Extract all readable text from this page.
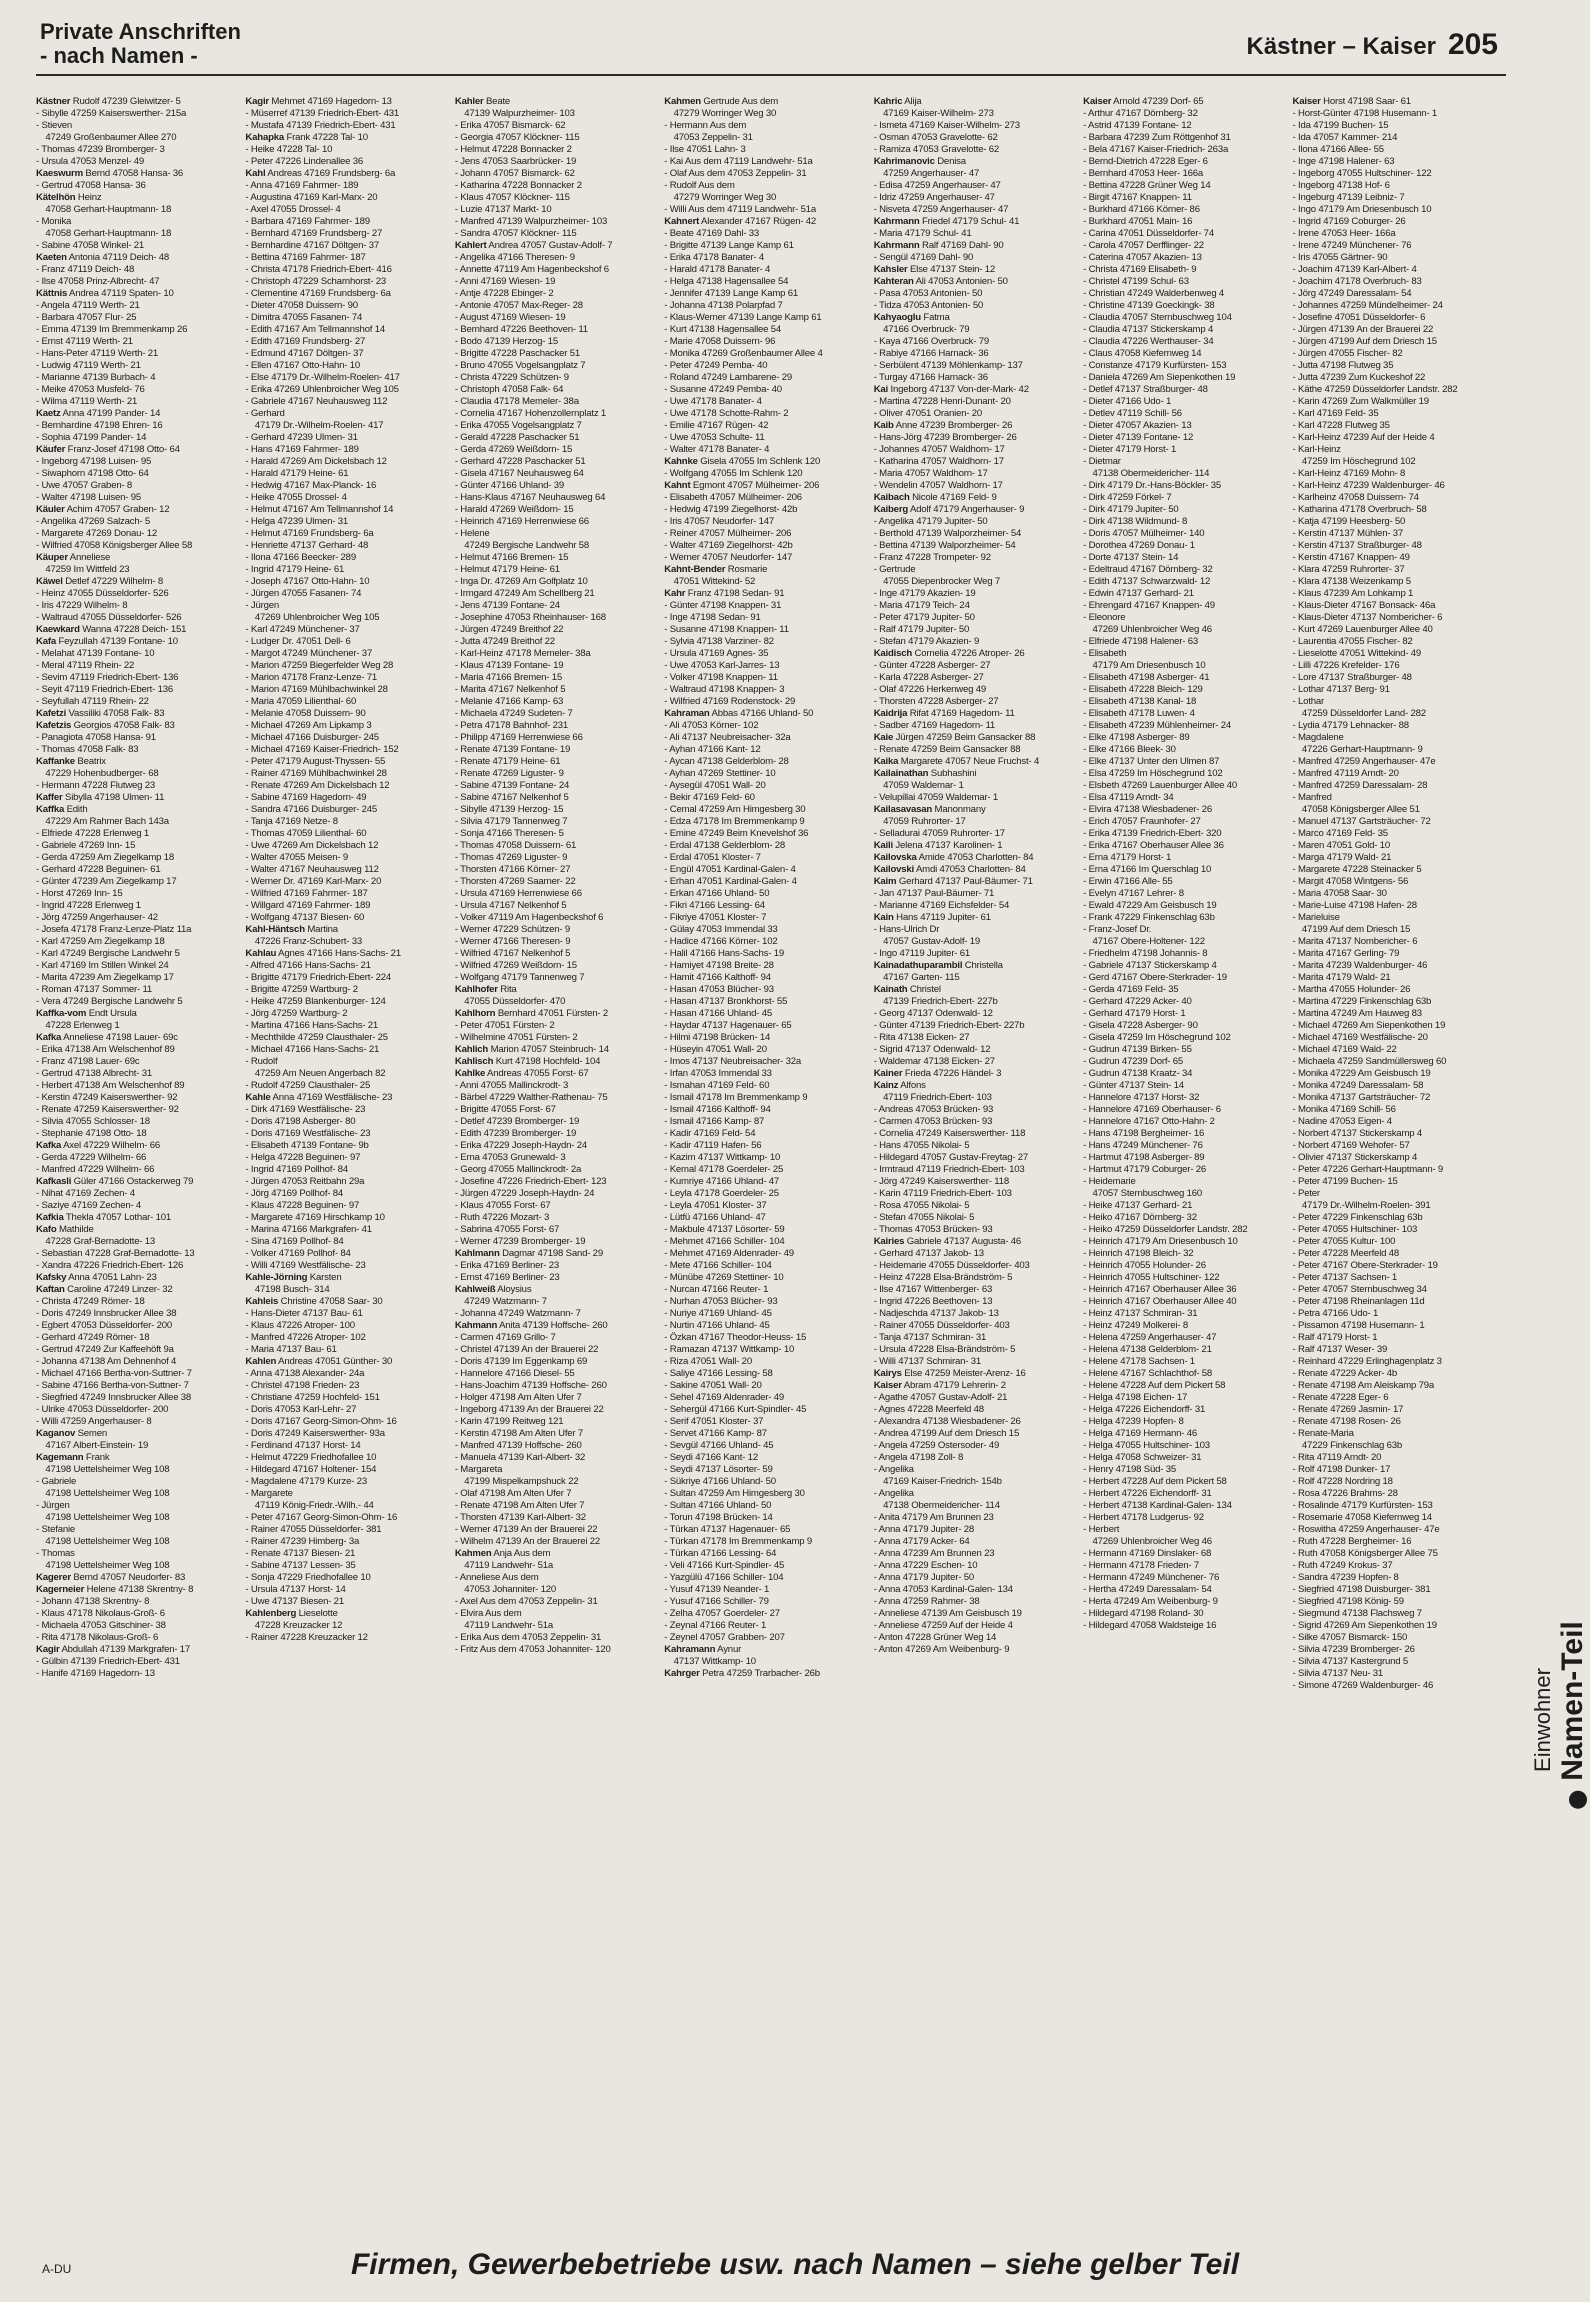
Private Anschriften
- nach Namen -	Kästner – Kaiser 205
Kästner Rudolf 47239 Gleiwitzer- 5
- Sibylle 47259 Kaiserswerther- 215a
- Stieven
 47249 Großenbaumer Allee 270
- Thomas 47239 Bromberger- 3
- Ursula 47053 Menzel- 49
Kaeswurm Bernd 47058 Hansa- 36
- Gertrud 47058 Hansa- 36
Kätelhön Heinz
 47058 Gerhart-Hauptmann- 18
- Monika
 47058 Gerhart-Hauptmann- 18
- Sabine 47058 Winkel- 21
Kaeten Antonia 47119 Deich- 48
- Franz 47119 Deich- 48
- Ilse 47058 Prinz-Albrecht- 47
Kättnis Andrea 47119 Spaten- 10
- Angela 47119 Werth- 21
- Barbara 47057 Flur- 25
- Emma 47139 Im Bremmenkamp 26
- Ernst 47119 Werth- 21
- Hans-Peter 47119 Werth- 21
- Ludwig 47119 Werth- 21
- Marianne 47139 Burbach- 4
- Meike 47053 Musfeld- 76
- Wilma 47119 Werth- 21
Kaetz Anna 47199 Pander- 14
- Bernhardine 47198 Ehren- 16
- Sophia 47199 Pander- 14
Käufer Franz-Josef 47198 Otto- 64
- Ingeborg 47198 Luisen- 95
- Siwaphorn 47198 Otto- 64
- Uwe 47057 Graben- 8
- Walter 47198 Luisen- 95
Käuler Achim 47057 Graben- 12
- Angelika 47269 Salzach- 5
- Margarete 47269 Donau- 12
- Wilfried 47058 Königsberger Allee 58
Käuper Anneliese
 47259 Im Wittfeld 23
Käwel Detlef 47229 Wilhelm- 8
- Heinz 47055 Düsseldorfer- 526
- Iris 47229 Wilhelm- 8
- Waltraud 47055 Düsseldorfer- 526
Kaewkard Wanna 47228 Deich- 151
Kafa Feyzullah 47139 Fontane- 10
- Melahat 47139 Fontane- 10
- Meral 47119 Rhein- 22
- Sevim 47119 Friedrich-Ebert- 136
- Seyit 47119 Friedrich-Ebert- 136
- Seyfullah 47119 Rhein- 22
Kafetzi Vassiliki 47058 Falk- 83
Kafetzis Georgios 47058 Falk- 83
- Panagiota 47058 Hansa- 91
- Thomas 47058 Falk- 83
Kaffanke Beatrix
 47229 Hohenbudberger- 68
- Hermann 47228 Flutweg 23
Kaffer Sibylla 47198 Ulmen- 11
Kaffka Edith
 47229 Am Rahmer Bach 143a
- Elfriede 47228 Erlenweg 1
- Gabriele 47269 Inn- 15
- Gerda 47259 Am Ziegelkamp 18
- Gerhard 47228 Beguinen- 61
- Günter 47239 Am Ziegelkamp 17
- Horst 47269 Inn- 15
- Ingrid 47228 Erlenweg 1
- Jörg 47259 Angerhauser- 42
- Josefa 47178 Franz-Lenze-Platz 11a
- Karl 47259 Am Ziegelkamp 18
- Karl 47249 Bergische Landwehr 5
- Karl 47169 Im Stillen Winkel 24
- Marita 47239 Am Ziegelkamp 17
- Roman 47137 Sommer- 11
- Vera 47249 Bergische Landwehr 5
Kaffka-vom Endt Ursula
 47228 Erlenweg 1
Kafka Anneliese 47198 Lauer- 69c
- Erika 47138 Am Welschenhof 89
- Franz 47198 Lauer- 69c
- Gertrud 47138 Albrecht- 31
- Herbert 47138 Am Welschenhof 89
- Kerstin 47249 Kaiserswerther- 92
- Renate 47259 Kaiserswerther- 92
- Silvia 47055 Schlosser- 18
- Stephanie 47198 Otto- 18
Kafka Axel 47229 Wilhelm- 66
- Gerda 47229 Wilhelm- 66
- Manfred 47229 Wilhelm- 66
Kafkasli Güler 47166 Ostackerweg 79
- Nihat 47169 Zechen- 4
- Saziye 47169 Zechen- 4
Kafkia Thekla 47057 Lothar- 101
Kafo Mathilde
 47228 Graf-Bernadotte- 13
- Sebastian 47228 Graf-Bernadotte- 13
- Xandra 47226 Friedrich-Ebert- 126
Kafsky Anna 47051 Lahn- 23
Kaftan Caroline 47249 Linzer- 32
- Christa 47249 Römer- 18
- Doris 47249 Innsbrucker Allee 38
- Egbert 47053 Düsseldorfer- 200
- Gerhard 47249 Römer- 18
- Gertrud 47249 Zur Kaffeehöft 9a
- Johanna 47138 Am Dehnenhof 4
- Michael 47166 Bertha-von-Suttner- 7
- Sabine 47166 Bertha-von-Suttner- 7
- Siegfried 47249 Innsbrucker Allee 38
- Ulrike 47053 Düsseldorfer- 200
- Willi 47259 Angerhauser- 8
Kaganov Semen
 47167 Albert-Einstein- 19
Kagemann Frank
 47198 Uettelsheimer Weg 108
- Gabriele
 47198 Uettelsheimer Weg 108
- Jürgen
 47198 Uettelsheimer Weg 108
- Stefanie
 47198 Uettelsheimer Weg 108
- Thomas
 47198 Uettelsheimer Weg 108
Kagerer Bernd 47057 Neudorfer- 83
Kagerneier Helene 47138 Skrentny- 8
- Johann 47138 Skrentny- 8
- Klaus 47178 Nikolaus-Groß- 6
- Michaela 47053 Gitschiner- 38
- Rita 47178 Nikolaus-Groß- 6
Kagir Abdullah 47139 Markgrafen- 17
- Gülbin 47139 Friedrich-Ebert- 431
- Hanife 47169 Hagedorn- 13
Kagir Mehmet 47169 Hagedorn- 13
- Müserref 47139 Friedrich-Ebert- 431
- Mustafa 47139 Friedrich-Ebert- 431
Kahapka Frank 47228 Tal- 10
- Heike 47228 Tal- 10
- Peter 47226 Lindenallee 36
Kahl Andreas 47169 Frundsberg- 6a
- Anna 47169 Fahrmer- 189
- Augustina 47169 Karl-Marx- 20
- Axel 47055 Drossel- 4
- Barbara 47169 Fahrmer- 189
- Bernhard 47169 Frundsberg- 27
- Bernhardine 47167 Döltgen- 37
- Bettina 47169 Fahrmer- 187
- Christa 47178 Friedrich-Ebert- 416
- Christoph 47229 Scharnhorst- 23
- Clementine 47169 Frundsberg- 6a
- Dieter 47058 Duissern- 90
- Dimitra 47055 Fasanen- 74
- Edith 47167 Am Tellmannshof 14
- Edith 47169 Frundsberg- 27
- Edmund 47167 Döltgen- 37
- Ellen 47167 Otto-Hahn- 10
- Else 47179 Dr.-Wilhelm-Roelen- 417
- Erika 47269 Uhlenbroicher Weg 105
- Gabriele 47167 Neuhausweg 112
- Gerhard
 47179 Dr.-Wilhelm-Roelen- 417
- Gerhard 47239 Ulmen- 31
- Hans 47169 Fahrmer- 189
- Harald 47269 Am Dickelsbach 12
- Harald 47179 Heine- 61
- Hedwig 47167 Max-Planck- 16
- Heike 47055 Drossel- 4
- Helmut 47167 Am Tellmannshof 14
- Helga 47239 Ulmen- 31
- Helmut 47169 Frundsberg- 6a
- Henriette 47137 Gerhard- 48
- Ilona 47166 Beecker- 289
- Ingrid 47179 Heine- 61
- Joseph 47167 Otto-Hahn- 10
- Jürgen 47055 Fasanen- 74
- Jürgen
 47269 Uhlenbroicher Weg 105
- Karl 47249 Münchener- 37
- Ludger Dr. 47051 Dell- 6
- Margot 47249 Münchener- 37
- Marion 47259 Biegerfelder Weg 28
- Marion 47178 Franz-Lenze- 71
- Marion 47169 Mühlbachwinkel 28
- Maria 47059 Lilienthal- 60
- Melanie 47058 Duissern- 90
- Michael 47269 Am Lipkamp 3
- Michael 47166 Duisburger- 245
- Michael 47169 Kaiser-Friedrich- 152
- Peter 47179 August-Thyssen- 55
- Rainer 47169 Mühlbachwinkel 28
- Renate 47269 Am Dickelsbach 12
- Sabine 47169 Hagedorn- 49
- Sandra 47166 Duisburger- 245
- Tanja 47169 Netze- 8
- Thomas 47059 Lilienthal- 60
- Uwe 47269 Am Dickelsbach 12
- Walter 47055 Meisen- 9
- Walter 47167 Neuhausweg 112
- Werner Dr. 47169 Karl-Marx- 20
- Wilfried 47169 Fahrmer- 187
- Willgard 47169 Fahrmer- 189
- Wolfgang 47137 Biesen- 60
Kahl-Häntsch Martina
 47226 Franz-Schubert- 33
Kahlau Agnes 47166 Hans-Sachs- 21
- Alfred 47166 Hans-Sachs- 21
- Brigitte 47179 Friedrich-Ebert- 224
- Brigitte 47259 Wartburg- 2
- Heike 47259 Blankenburger- 124
- Jörg 47259 Wartburg- 2
- Martina 47166 Hans-Sachs- 21
- Mechthilde 47259 Clausthaler- 25
- Michael 47166 Hans-Sachs- 21
- Rudolf
 47259 Am Neuen Angerbach 82
- Rudolf 47259 Clausthaler- 25
Kahle Anna 47169 Westfälische- 23
- Dirk 47169 Westfälische- 23
- Doris 47198 Asberger- 80
- Doris 47169 Westfälische- 23
- Elisabeth 47139 Fontane- 9b
- Helga 47228 Beguinen- 97
- Ingrid 47169 Pollhof- 84
- Jürgen 47053 Reitbahn 29a
- Jörg 47169 Pollhof- 84
- Klaus 47228 Beguinen- 97
- Margarete 47169 Hirschkamp 10
- Marina 47166 Markgrafen- 41
- Sina 47169 Pollhof- 84
- Volker 47169 Pollhof- 84
- Willi 47169 Westfälische- 23
Kahle-Jörning Karsten
 47198 Busch- 314
Kahleis Christine 47058 Saar- 30
- Hans-Dieter 47137 Bau- 61
- Klaus 47226 Atroper- 100
- Manfred 47226 Atroper- 102
- Maria 47137 Bau- 61
Kahlen Andreas 47051 Günther- 30
- Anna 47138 Alexander- 24a
- Christel 47198 Frieden- 23
- Christiane 47259 Hochfeld- 151
- Doris 47053 Karl-Lehr- 27
- Doris 47167 Georg-Simon-Ohm- 16
- Doris 47249 Kaiserswerther- 93a
- Ferdinand 47137 Horst- 14
- Helmut 47229 Friedhofallee 10
- Hildegard 47167 Holtener- 154
- Magdalene 47179 Kurze- 23
- Margarete
 47119 König-Friedr.-Wilh.- 44
- Peter 47167 Georg-Simon-Ohm- 16
- Rainer 47055 Düsseldorfer- 381
- Rainer 47239 Himberg- 3a
- Renate 47137 Biesen- 21
- Sabine 47137 Lessen- 35
- Sonja 47229 Friedhofallee 10
- Ursula 47137 Horst- 14
- Uwe 47137 Biesen- 21
Kahlenberg Lieselotte
 47228 Kreuzacker 12
- Rainer 47228 Kreuzacker 12
Kahler Beate
 47139 Walpurzheimer- 103
- Erika 47057 Bismarck- 62
- Georgia 47057 Klöckner- 115
- Helmut 47228 Bonnacker 2
- Jens 47053 Saarbrücker- 19
- Johann 47057 Bismarck- 62
- Katharina 47228 Bonnacker 2
- Klaus 47057 Klöckner- 115
- Luzie 47137 Markt- 10
- Manfred 47139 Walpurzheimer- 103
- Sandra 47057 Klöckner- 115
Kahlert Andrea 47057 Gustav-Adolf- 7
- Angelika 47166 Theresen- 9
- Annette 47119 Am Hagenbeckshof 6
- Anni 47169 Wiesen- 19
- Antje 47228 Ebinger- 2
- Antonie 47057 Max-Reger- 28
- August 47169 Wiesen- 19
- Bernhard 47226 Beethoven- 11
- Bodo 47139 Herzog- 15
- Brigitte 47228 Paschacker 51
- Bruno 47055 Vogelsangplatz 7
- Christa 47229 Schützen- 9
- Christoph 47058 Falk- 64
- Claudia 47178 Memeler- 38a
- Cornelia 47167 Hohenzollernplatz 1
- Erika 47055 Vogelsangplatz 7
- Gerald 47228 Paschacker 51
- Gerda 47269 Weißdorn- 15
- Gerhard 47228 Paschacker 51
- Gisela 47167 Neuhausweg 64
- Günter 47166 Uhland- 39
- Hans-Klaus 47167 Neuhausweg 64
- Harald 47269 Weißdorn- 15
- Heinrich 47169 Herrenwiese 66
- Helene
 47249 Bergische Landwehr 58
- Helmut 47166 Bremen- 15
- Helmut 47179 Heine- 61
- Inga Dr. 47269 Am Golfplatz 10
- Irmgard 47249 Am Schellberg 21
- Jens 47139 Fontane- 24
- Josephine 47053 Rheinhauser- 168
- Jürgen 47249 Breithof 22
- Jutta 47249 Breithof 22
- Karl-Heinz 47178 Memeler- 38a
- Klaus 47139 Fontane- 19
- Maria 47166 Bremen- 15
- Marita 47167 Nelkenhof 5
- Melanie 47166 Kamp- 63
- Michaela 47249 Sudeten- 7
- Petra 47178 Bahnhof- 231
- Philipp 47169 Herrenwiese 66
- Renate 47139 Fontane- 19
- Renate 47179 Heine- 61
- Renate 47269 Liguster- 9
- Sabine 47139 Fontane- 24
- Sabine 47167 Nelkenhof 5
- Sibylle 47139 Herzog- 15
- Silvia 47179 Tannenweg 7
- Sonja 47166 Theresen- 5
- Thomas 47058 Duissern- 61
- Thomas 47269 Liguster- 9
- Thorsten 47166 Körner- 27
- Thorsten 47269 Saarner- 22
- Ursula 47169 Herrenwiese 66
- Ursula 47167 Nelkenhof 5
- Volker 47119 Am Hagenbeckshof 6
- Werner 47229 Schützen- 9
- Werner 47166 Theresen- 9
- Wilfried 47167 Nelkenhof 5
- Wilfried 47269 Weißdorn- 15
- Wolfgang 47179 Tannenweg 7
Kahlhofer Rita
 47055 Düsseldorfer- 470
Kahlhorn Bernhard 47051 Fürsten- 2
- Peter 47051 Fürsten- 2
- Wilhelmine 47051 Fürsten- 2
Kahlich Marion 47057 Steinbruch- 14
Kahlisch Kurt 47198 Hochfeld- 104
Kahlke Andreas 47055 Forst- 67
- Anni 47055 Mallinckrodt- 3
- Bärbel 47229 Walther-Rathenau- 75
- Brigitte 47055 Forst- 67
- Detlef 47239 Bromberger- 19
- Edith 47239 Bromberger- 19
- Erika 47229 Joseph-Haydn- 24
- Erna 47053 Grunewald- 3
- Georg 47055 Mallinckrodt- 2a
- Josefine 47226 Friedrich-Ebert- 123
- Jürgen 47229 Joseph-Haydn- 24
- Klaus 47055 Forst- 67
- Ruth 47226 Mozart- 3
- Sabrina 47055 Forst- 67
- Werner 47239 Bromberger- 19
Kahlmann Dagmar 47198 Sand- 29
- Erika 47169 Berliner- 23
- Ernst 47169 Berliner- 23
Kahlweiß Aloysius
 47249 Watzmann- 7
- Johanna 47249 Watzmann- 7
Kahmann Anita 47139 Hoffsche- 260
- Carmen 47169 Grillo- 7
- Christel 47139 An der Brauerei 22
- Doris 47139 Im Eggenkamp 69
- Hannelore 47166 Diesel- 55
- Hans-Joachim 47139 Hoffsche- 260
- Holger 47198 Am Alten Ufer 7
- Ingeborg 47139 An der Brauerei 22
- Karin 47199 Reitweg 121
- Kerstin 47198 Am Alten Ufer 7
- Manfred 47139 Hoffsche- 260
- Manuela 47139 Karl-Albert- 32
- Margareta
 47199 Mispelkampshuck 22
- Olaf 47198 Am Alten Ufer 7
- Renate 47198 Am Alten Ufer 7
- Thorsten 47139 Karl-Albert- 32
- Werner 47139 An der Brauerei 22
- Wilhelm 47139 An der Brauerei 22
Kahmen Anja Aus dem
 47119 Landwehr- 51a
- Anneliese Aus dem
 47053 Johanniter- 120
- Axel Aus dem 47053 Zeppelin- 31
- Elvira Aus dem
 47119 Landwehr- 51a
- Erika Aus dem 47053 Zeppelin- 31
- Fritz Aus dem 47053 Johanniter- 120
Kahmen Gertrude Aus dem
 47279 Worringer Weg 30
- Hermann Aus dem
 47053 Zeppelin- 31
- Ilse 47051 Lahn- 3
- Kai Aus dem 47119 Landwehr- 51a
- Olaf Aus dem 47053 Zeppelin- 31
- Rudolf Aus dem
 47279 Worringer Weg 30
- Willi Aus dem 47119 Landwehr- 51a
Kahnert Alexander 47167 Rügen- 42
- Beate 47169 Dahl- 33
- Brigitte 47139 Lange Kamp 61
- Erika 47178 Banater- 4
- Harald 47178 Banater- 4
- Helga 47138 Hagensallee 54
- Jennifer 47139 Lange Kamp 61
- Johanna 47138 Polarpfad 7
- Klaus-Werner 47139 Lange Kamp 61
- Kurt 47138 Hagensallee 54
- Marie 47058 Duissern- 96
- Monika 47269 Großenbaumer Allee 4
- Peter 47249 Pemba- 40
- Roland 47249 Lambarene- 29
- Susanne 47249 Pemba- 40
- Uwe 47178 Banater- 4
- Uwe 47178 Schotte-Rahm- 2
- Emilie 47167 Rügen- 42
- Uwe 47053 Schulte- 11
- Walter 47178 Banater- 4
Kahnke Gisela 47055 Im Schlenk 120
- Wolfgang 47055 Im Schlenk 120
Kahnt Egmont 47057 Mülheimer- 206
- Elisabeth 47057 Mülheimer- 206
- Hedwig 47199 Ziegelhorst- 42b
- Iris 47057 Neudorfer- 147
- Reiner 47057 Mülheimer- 206
- Walter 47169 Ziegelhorst- 42b
- Werner 47057 Neudorfer- 147
Kahnt-Bender Rosmarie
 47051 Wittekind- 52
Kahr Franz 47198 Sedan- 91
- Günter 47198 Knappen- 31
- Inge 47198 Sedan- 91
- Susanne 47198 Knappen- 11
- Sylvia 47138 Varziner- 82
- Ursula 47169 Agnes- 35
- Uwe 47053 Karl-Jarres- 13
- Volker 47198 Knappen- 11
- Waltraud 47198 Knappen- 3
- Wilfried 47169 Rodenstock- 29
Kahraman Abbas 47166 Uhland- 50
- Ali 47053 Körner- 102
- Ali 47137 Neubreisacher- 32a
- Ayhan 47166 Kant- 12
- Aycan 47138 Gelderblom- 28
- Ayhan 47269 Stettiner- 10
- Aysegül 47051 Wall- 20
- Bekir 47169 Feld- 60
- Cemal 47259 Am Himgesberg 30
- Edza 47178 Im Bremmenkamp 9
- Emine 47249 Beim Knevelshof 36
- Erdal 47138 Gelderblom- 28
- Erdal 47051 Kloster- 7
- Engül 47051 Kardinal-Galen- 4
- Erhan 47051 Kardinal-Galen- 4
- Erkan 47166 Uhland- 50
- Fikri 47166 Lessing- 64
- Fikriye 47051 Kloster- 7
- Gülay 47053 Immendal 33
- Hadice 47166 Körner- 102
- Halil 47166 Hans-Sachs- 19
- Hamiyet 47198 Breite- 28
- Hamit 47166 Kalthoff- 94
- Hasan 47053 Blücher- 93
- Hasan 47137 Bronkhorst- 55
- Hasan 47166 Uhland- 45
- Haydar 47137 Hagenauer- 65
- Hilmi 47198 Brücken- 14
- Hüseyin 47051 Wall- 20
- Imos 47137 Neubreisacher- 32a
- Irfan 47053 Immendal 33
- Ismahan 47169 Feld- 60
- Ismail 47178 Im Bremmenkamp 9
- Ismail 47166 Kalthoff- 94
- Ismail 47166 Kamp- 87
- Kadir 47169 Feld- 54
- Kadir 47119 Hafen- 56
- Kazim 47137 Wittkamp- 10
- Kemal 47178 Goerdeler- 25
- Kumriye 47166 Uhland- 47
- Leyla 47178 Goerdeler- 25
- Leyla 47051 Kloster- 37
- Lütfü 47166 Uhland- 47
- Makbule 47137 Lösorter- 59
- Mehmet 47166 Schiller- 104
- Mehmet 47169 Aldenrader- 49
- Mete 47166 Schiller- 104
- Münübe 47269 Stettiner- 10
- Nurcan 47166 Reuter- 1
- Nurhan 47053 Blücher- 93
- Nuriye 47169 Uhland- 45
- Nurtin 47166 Uhland- 45
- Özkan 47167 Theodor-Heuss- 15
- Ramazan 47137 Wittkamp- 10
- Riza 47051 Wall- 20
- Saliye 47166 Lessing- 58
- Sakine 47051 Wall- 20
- Sehel 47169 Aldenrader- 49
- Sehergül 47166 Kurt-Spindler- 45
- Serif 47051 Kloster- 37
- Servet 47166 Kamp- 87
- Sevgül 47166 Uhland- 45
- Seydi 47166 Kant- 12
- Seydi 47137 Lösorter- 59
- Sükriye 47166 Uhland- 50
- Sultan 47259 Am Himgesberg 30
- Sultan 47166 Uhland- 50
- Torun 47198 Brücken- 14
- Türkan 47137 Hagenauer- 65
- Türkan 47178 Im Bremmenkamp 9
- Türkan 47166 Lessing- 64
- Veli 47166 Kurt-Spindler- 45
- Yazgülü 47166 Schiller- 104
- Yusuf 47139 Neander- 1
- Yusuf 47166 Schiller- 79
- Zelha 47057 Goerdeler- 27
- Zeynal 47166 Reuter- 1
- Zeynel 47057 Grabben- 207
Kahramann Aynur
 47137 Wittkamp- 10
Kahrger Petra 47259 Trarbacher- 26b
Kahric Alija
 47169 Kaiser-Wilhelm- 273
- Ismeta 47169 Kaiser-Wilhelm- 273
- Osman 47053 Gravelotte- 62
- Ramiza 47053 Gravelotte- 62
Kahrimanovic Denisa
 47259 Angerhauser- 47
- Edisa 47259 Angerhauser- 47
- Idriz 47259 Angerhauser- 47
- Nisveta 47259 Angerhauser- 47
Kahrmann Friedel 47179 Schul- 41
- Maria 47179 Schul- 41
Kahrmann Ralf 47169 Dahl- 90
- Sengül 47169 Dahl- 90
Kahsler Else 47137 Stein- 12
Kahteran Ali 47053 Antonien- 50
- Pasa 47053 Antonien- 50
- Tidza 47053 Antonien- 50
Kahyaoglu Fatma
 47166 Overbruck- 79
- Kaya 47166 Overbruck- 79
- Rabiye 47166 Harnack- 36
- Serbülent 47139 Möhlenkamp- 137
- Turgay 47166 Harnack- 36
Kai Ingeborg 47137 Von-der-Mark- 42
- Martina 47228 Henri-Dunant- 20
- Oliver 47051 Oranien- 20
Kaib Anne 47239 Bromberger- 26
- Hans-Jörg 47239 Bromberger- 26
- Johannes 47057 Waldhorn- 17
- Katharina 47057 Waldhorn- 17
- Maria 47057 Waldhorn- 17
- Wendelin 47057 Waldhorn- 17
Kaibach Nicole 47169 Feld- 9
Kaiberg Adolf 47179 Angerhauser- 9
- Angelika 47179 Jupiter- 50
- Berthold 47139 Walporzheimer- 54
- Bettina 47139 Walporzheimer- 54
- Franz 47228 Trompeter- 92
- Gertrude
 47055 Diepenbrocker Weg 7
- Inge 47179 Akazien- 19
- Maria 47179 Teich- 24
- Peter 47179 Jupiter- 50
- Ralf 47179 Jupiter- 50
- Stefan 47179 Akazien- 9
Kaidisch Cornelia 47226 Atroper- 26
- Günter 47228 Asberger- 27
- Karla 47228 Asberger- 27
- Olaf 47226 Herkenweg 49
- Thorsten 47228 Asberger- 27
Kaidrija Rifat 47169 Hagedorn- 11
- Sadber 47169 Hagedorn- 11
Kaie Jürgen 47259 Beim Gansacker 88
- Renate 47259 Beim Gansacker 88
Kaika Margarete 47057 Neue Fruchst- 4
Kailainathan Subhashini
 47059 Waldemar- 1
- Velupillai 47059 Waldemar- 1
Kailasavasan Manonmany
 47059 Ruhrorter- 17
- Selladurai 47059 Ruhrorter- 17
Kaili Jelena 47137 Karolinen- 1
Kailovska Amide 47053 Charlotten- 84
Kailovski Amdi 47053 Charlotten- 84
Kaim Gerhard 47137 Paul-Bäumer- 71
- Jan 47137 Paul-Bäumer- 71
- Marianne 47169 Eichsfelder- 54
Kain Hans 47119 Jupiter- 61
- Hans-Ulrich Dr
 47057 Gustav-Adolf- 19
- Ingo 47119 Jupiter- 61
Kainadathuparambil Christella
 47167 Garten- 115
Kainath Christel
 47139 Friedrich-Ebert- 227b
- Georg 47137 Odenwald- 12
- Günter 47139 Friedrich-Ebert- 227b
- Rita 47138 Eicken- 27
- Sigrid 47137 Odenwald- 12
- Waldemar 47138 Eicken- 27
Kainer Frieda 47226 Händel- 3
Kainz Alfons
 47119 Friedrich-Ebert- 103
- Andreas 47053 Brücken- 93
- Carmen 47053 Brücken- 93
- Cornelia 47249 Kaiserswerther- 118
- Hans 47055 Nikolai- 5
- Hildegard 47057 Gustav-Freytag- 27
- Irmtraud 47119 Friedrich-Ebert- 103
- Jörg 47249 Kaiserswerther- 118
- Karin 47119 Friedrich-Ebert- 103
- Rosa 47055 Nikolai- 5
- Stefan 47055 Nikolai- 5
- Thomas 47053 Brücken- 93
Kairies Gabriele 47137 Augusta- 46
- Gerhard 47137 Jakob- 13
- Heidemarie 47055 Düsseldorfer- 403
- Heinz 47228 Elsa-Brändström- 5
- Ilse 47167 Wittenberger- 63
- Ingrid 47226 Beethoven- 13
- Nadjeschda 47137 Jakob- 13
- Rainer 47055 Düsseldorfer- 403
- Tanja 47137 Schmiran- 31
- Ursula 47228 Elsa-Brändström- 5
- Willi 47137 Schmiran- 31
Kairys Else 47259 Meister-Arenz- 16
Kaiser Abram 47179 Lehrerin- 2
- Agathe 47057 Gustav-Adolf- 21
- Agnes 47228 Meerfeld 48
- Alexandra 47138 Wiesbadener- 26
- Andrea 47199 Auf dem Driesch 15
- Angela 47259 Ostersoder- 49
- Angela 47198 Zoll- 8
- Angelika
 47169 Kaiser-Friedrich- 154b
- Angelika
 47138 Obermeidericher- 114
- Anita 47179 Am Brunnen 23
- Anna 47179 Jupiter- 28
- Anna 47179 Acker- 64
- Anna 47239 Am Brunnen 23
- Anna 47229 Eschen- 10
- Anna 47179 Jupiter- 50
- Anna 47053 Kardinal-Galen- 134
- Anna 47259 Rahmer- 38
- Anneliese 47139 Am Geisbusch 19
- Anneliese 47259 Auf der Heide 4
- Anton 47228 Grüner Weg 14
- Anton 47269 Am Weibenburg- 9
Kaiser Arnold 47239 Dorf- 65
- Arthur 47167 Dörnberg- 32
- Astrid 47139 Fontane- 12
- Barbara 47239 Zum Röttgenhof 31
- Bela 47167 Kaiser-Friedrich- 263a
- Bernd-Dietrich 47228 Eger- 6
- Bernhard 47053 Heer- 166a
- Bettina 47228 Grüner Weg 14
- Birgit 47167 Knappen- 11
- Burkhard 47166 Körner- 86
- Burkhard 47051 Main- 16
- Carina 47051 Düsseldorfer- 74
- Carola 47057 Derfflinger- 22
- Caterina 47057 Akazien- 13
- Christa 47169 Elisabeth- 9
- Christel 47199 Schul- 63
- Christian 47249 Walderbenweg 4
- Christine 47139 Goeckingk- 38
- Claudia 47057 Sternbuschweg 104
- Claudia 47137 Stickerskamp 4
- Claudia 47226 Werthauser- 34
- Claus 47058 Kiefernweg 14
- Constanze 47179 Kurfürsten- 153
- Daniela 47269 Am Siepenkothen 19
- Detlef 47137 Straßburger- 48
- Dieter 47166 Udo- 1
- Detlev 47119 Schill- 56
- Dieter 47057 Akazien- 13
- Dieter 47139 Fontane- 12
- Dieter 47179 Horst- 1
- Dietmar
 47138 Obermeidericher- 114
- Dirk 47179 Dr.-Hans-Böckler- 35
- Dirk 47259 Förkel- 7
- Dirk 47179 Jupiter- 50
- Dirk 47138 Wildmund- 8
- Doris 47057 Mülheimer- 140
- Dorothea 47269 Donau- 1
- Dorte 47137 Stein- 14
- Edeltraud 47167 Dörnberg- 32
- Edith 47137 Schwarzwald- 12
- Edwin 47137 Gerhard- 21
- Ehrengard 47167 Knappen- 49
- Eleonore
 47269 Uhlenbroicher Weg 46
- Elfriede 47198 Halener- 63
- Elisabeth
 47179 Am Driesenbusch 10
- Elisabeth 47198 Asberger- 41
- Elisabeth 47228 Bleich- 129
- Elisabeth 47138 Kanal- 18
- Elisabeth 47178 Luwen- 4
- Elisabeth 47239 Mühlenheimer- 24
- Elke 47198 Asberger- 89
- Elke 47166 Bleek- 30
- Elke 47137 Unter den Ulmen 87
- Elsa 47259 Im Höschegrund 102
- Elsbeth 47269 Lauenburger Allee 40
- Elsa 47119 Arndt- 34
- Elvira 47138 Wiesbadener- 26
- Erich 47057 Fraunhofer- 27
- Erika 47139 Friedrich-Ebert- 320
- Erika 47167 Oberhauser Allee 36
- Erna 47179 Horst- 1
- Erna 47166 Im Querschlag 10
- Erwin 47166 Alle- 55
- Evelyn 47167 Lehrer- 8
- Ewald 47229 Am Geisbusch 19
- Frank 47229 Finkenschlag 63b
- Franz-Josef Dr.
 47167 Obere-Holtener- 122
- Friedhelm 47198 Johannis- 8
- Gabriele 47137 Stickerskamp 4
- Gerd 47167 Obere-Sterkrader- 19
- Gerda 47169 Feld- 35
- Gerhard 47229 Acker- 40
- Gerhard 47179 Horst- 1
- Gisela 47228 Asberger- 90
- Gisela 47259 Im Höschegrund 102
- Gudrun 47139 Birken- 55
- Gudrun 47239 Dorf- 65
- Gudrun 47138 Kraatz- 34
- Günter 47137 Stein- 14
- Hannelore 47137 Horst- 32
- Hannelore 47169 Oberhauser- 6
- Hannelore 47167 Otto-Hahn- 2
- Hans 47198 Bergheimer- 16
- Hans 47249 Münchener- 76
- Hartmut 47198 Asberger- 89
- Hartmut 47179 Coburger- 26
- Heidemarie
 47057 Sternbuschweg 160
- Heike 47137 Gerhard- 21
- Heiko 47167 Dörnberg- 32
- Heiko 47259 Düsseldorfer Landstr. 282
- Heinrich 47179 Am Driesenbusch 10
- Heinrich 47198 Bleich- 32
- Heinrich 47055 Holunder- 26
- Heinrich 47055 Hultschiner- 122
- Heinrich 47167 Oberhauser Allee 36
- Heinrich 47167 Oberhauser Allee 40
- Heinz 47137 Schmiran- 31
- Heinz 47249 Molkerei- 8
- Helena 47259 Angerhauser- 47
- Helena 47138 Gelderblom- 21
- Helene 47178 Sachsen- 1
- Helene 47167 Schlachthof- 58
- Helene 47228 Auf dem Pickert 58
- Helga 47198 Eichen- 17
- Helga 47226 Eichendorff- 31
- Helga 47239 Hopfen- 8
- Helga 47169 Hermann- 46
- Helga 47055 Hultschiner- 103
- Helga 47058 Schweizer- 31
- Henry 47198 Süd- 35
- Herbert 47228 Auf dem Pickert 58
- Herbert 47226 Eichendorff- 31
- Herbert 47138 Kardinal-Galen- 134
- Herbert 47178 Ludgerus- 92
- Herbert
 47269 Uhlenbroicher Weg 46
- Hermann 47169 Dinslaker- 68
- Hermann 47178 Frieden- 7
- Hermann 47249 Münchener- 76
- Hertha 47249 Daressalam- 54
- Herta 47249 Am Weibenburg- 9
- Hildegard 47198 Roland- 30
- Hildegard 47058 Waldsteige 16
Kaiser Horst 47198 Saar- 61
- Horst-Günter 47198 Husemann- 1
- Ida 47199 Buchen- 15
- Ida 47057 Kammer- 214
- Ilona 47166 Allee- 55
- Inge 47198 Halener- 63
- Ingeborg 47055 Hultschiner- 122
- Ingeborg 47138 Hof- 6
- Ingeburg 47139 Leibniz- 7
- Ingo 47179 Am Driesenbusch 10
- Ingrid 47169 Coburger- 26
- Irene 47053 Heer- 166a
- Irene 47249 Münchener- 76
- Iris 47055 Gärtner- 90
- Joachim 47139 Karl-Albert- 4
- Joachim 47178 Overbruch- 83
- Jörg 47249 Daressalam- 54
- Johannes 47259 Mündelheimer- 24
- Josefine 47051 Düsseldorfer- 6
- Jürgen 47139 An der Brauerei 22
- Jürgen 47199 Auf dem Driesch 15
- Jürgen 47055 Fischer- 82
- Jutta 47198 Flutweg 35
- Jutta 47239 Zum Kuckeshof 22
- Käthe 47259 Düsseldorfer Landstr. 282
- Karin 47269 Zum Walkmüller 19
- Karl 47169 Feld- 35
- Karl 47228 Flutweg 35
- Karl-Heinz 47239 Auf der Heide 4
- Karl-Heinz
 47259 Im Höschegrund 102
- Karl-Heinz 47169 Mohn- 8
- Karl-Heinz 47239 Waldenburger- 46
- Karlheinz 47058 Duissern- 74
- Katharina 47178 Overbruch- 58
- Katja 47199 Heesberg- 50
- Kerstin 47137 Mühlen- 37
- Kerstin 47137 Straßburger- 48
- Kerstin 47167 Knappen- 49
- Klara 47259 Ruhrorter- 37
- Klara 47138 Weizenkamp 5
- Klaus 47239 Am Lohkamp 1
- Klaus-Dieter 47167 Bonsack- 46a
- Klaus-Dieter 47137 Nombericher- 6
- Kurt 47269 Lauenburger Allee 40
- Laurentia 47055 Fischer- 82
- Lieselotte 47051 Wittekind- 49
- Lilli 47226 Krefelder- 176
- Lore 47137 Straßburger- 48
- Lothar 47137 Berg- 91
- Lothar
 47259 Düsseldorfer Land- 282
- Lydia 47179 Lehnacker- 88
- Magdalene
 47226 Gerhart-Hauptmann- 9
- Manfred 47259 Angerhauser- 47e
- Manfred 47119 Arndt- 20
- Manfred 47259 Daressalam- 28
- Manfred
 47058 Königsberger Allee 51
- Manuel 47137 Gartsträucher- 72
- Marco 47169 Feld- 35
- Maren 47051 Gold- 10
- Marga 47179 Wald- 21
- Margarete 47228 Steinacker 5
- Margit 47058 Wintgens- 56
- Maria 47058 Saar- 30
- Marie-Luise 47198 Hafen- 28
- Marieluise
 47199 Auf dem Driesch 15
- Marita 47137 Nombericher- 6
- Marita 47167 Gerling- 79
- Marita 47239 Waldenburger- 46
- Marita 47179 Wald- 21
- Martha 47055 Holunder- 26
- Martina 47229 Finkenschlag 63b
- Martina 47249 Am Hauweg 83
- Michael 47269 Am Siepenkothen 19
- Michael 47169 Westfälische- 20
- Michael 47169 Wald- 22
- Michaela 47259 Sandmüllersweg 60
- Monika 47229 Am Geisbusch 19
- Monika 47249 Daressalam- 58
- Monika 47137 Gartsträucher- 72
- Monika 47169 Schill- 56
- Nadine 47053 Eigen- 4
- Norbert 47137 Stickerskamp 4
- Norbert 47169 Wehofer- 57
- Olivier 47137 Stickerskamp 4
- Peter 47226 Gerhart-Hauptmann- 9
- Peter 47199 Buchen- 15
- Peter
 47179 Dr.-Wilhelm-Roelen- 391
- Peter 47229 Finkenschlag 63b
- Peter 47055 Hultschiner- 103
- Peter 47055 Kultur- 100
- Peter 47228 Meerfeld 48
- Peter 47167 Obere-Sterkrader- 19
- Peter 47137 Sachsen- 1
- Peter 47057 Sternbuschweg 34
- Peter 47198 Rheinanlagen 11d
- Petra 47166 Udo- 1
- Pissamon 47198 Husemann- 1
- Ralf 47179 Horst- 1
- Ralf 47137 Weser- 39
- Reinhard 47229 Erlinghagenplatz 3
- Renate 47229 Acker- 4b
- Renate 47198 Am Aleiskamp 79a
- Renate 47228 Eger- 6
- Renate 47269 Jasmin- 17
- Renate 47198 Rosen- 26
- Renate-Maria
 47229 Finkenschlag 63b
- Rita 47119 Arndt- 20
- Rolf 47198 Dunker- 17
- Rolf 47228 Nordring 18
- Rosa 47226 Brahms- 28
- Rosalinde 47179 Kurfürsten- 153
- Rosemarie 47058 Kiefernweg 14
- Roswitha 47259 Angerhauser- 47e
- Ruth 47228 Bergheimer- 16
- Ruth 47058 Königsberger Allee 75
- Ruth 47249 Krokus- 37
- Sandra 47239 Hopfen- 8
- Siegfried 47198 Duisburger- 381
- Siegfried 47198 König- 59
- Siegmund 47138 Flachsweg 7
- Sigrid 47269 Am Siepenkothen 19
- Silke 47057 Bismarck- 150
- Silvia 47239 Bromberger- 26
- Silvia 47137 Kastergrund 5
- Silvia 47137 Neu- 31
- Simone 47269 Waldenburger- 46	Einwohner
Namen-Teil
A-DU	Firmen, Gewerbebetriebe usw. nach Namen – siehe gelber Teil
